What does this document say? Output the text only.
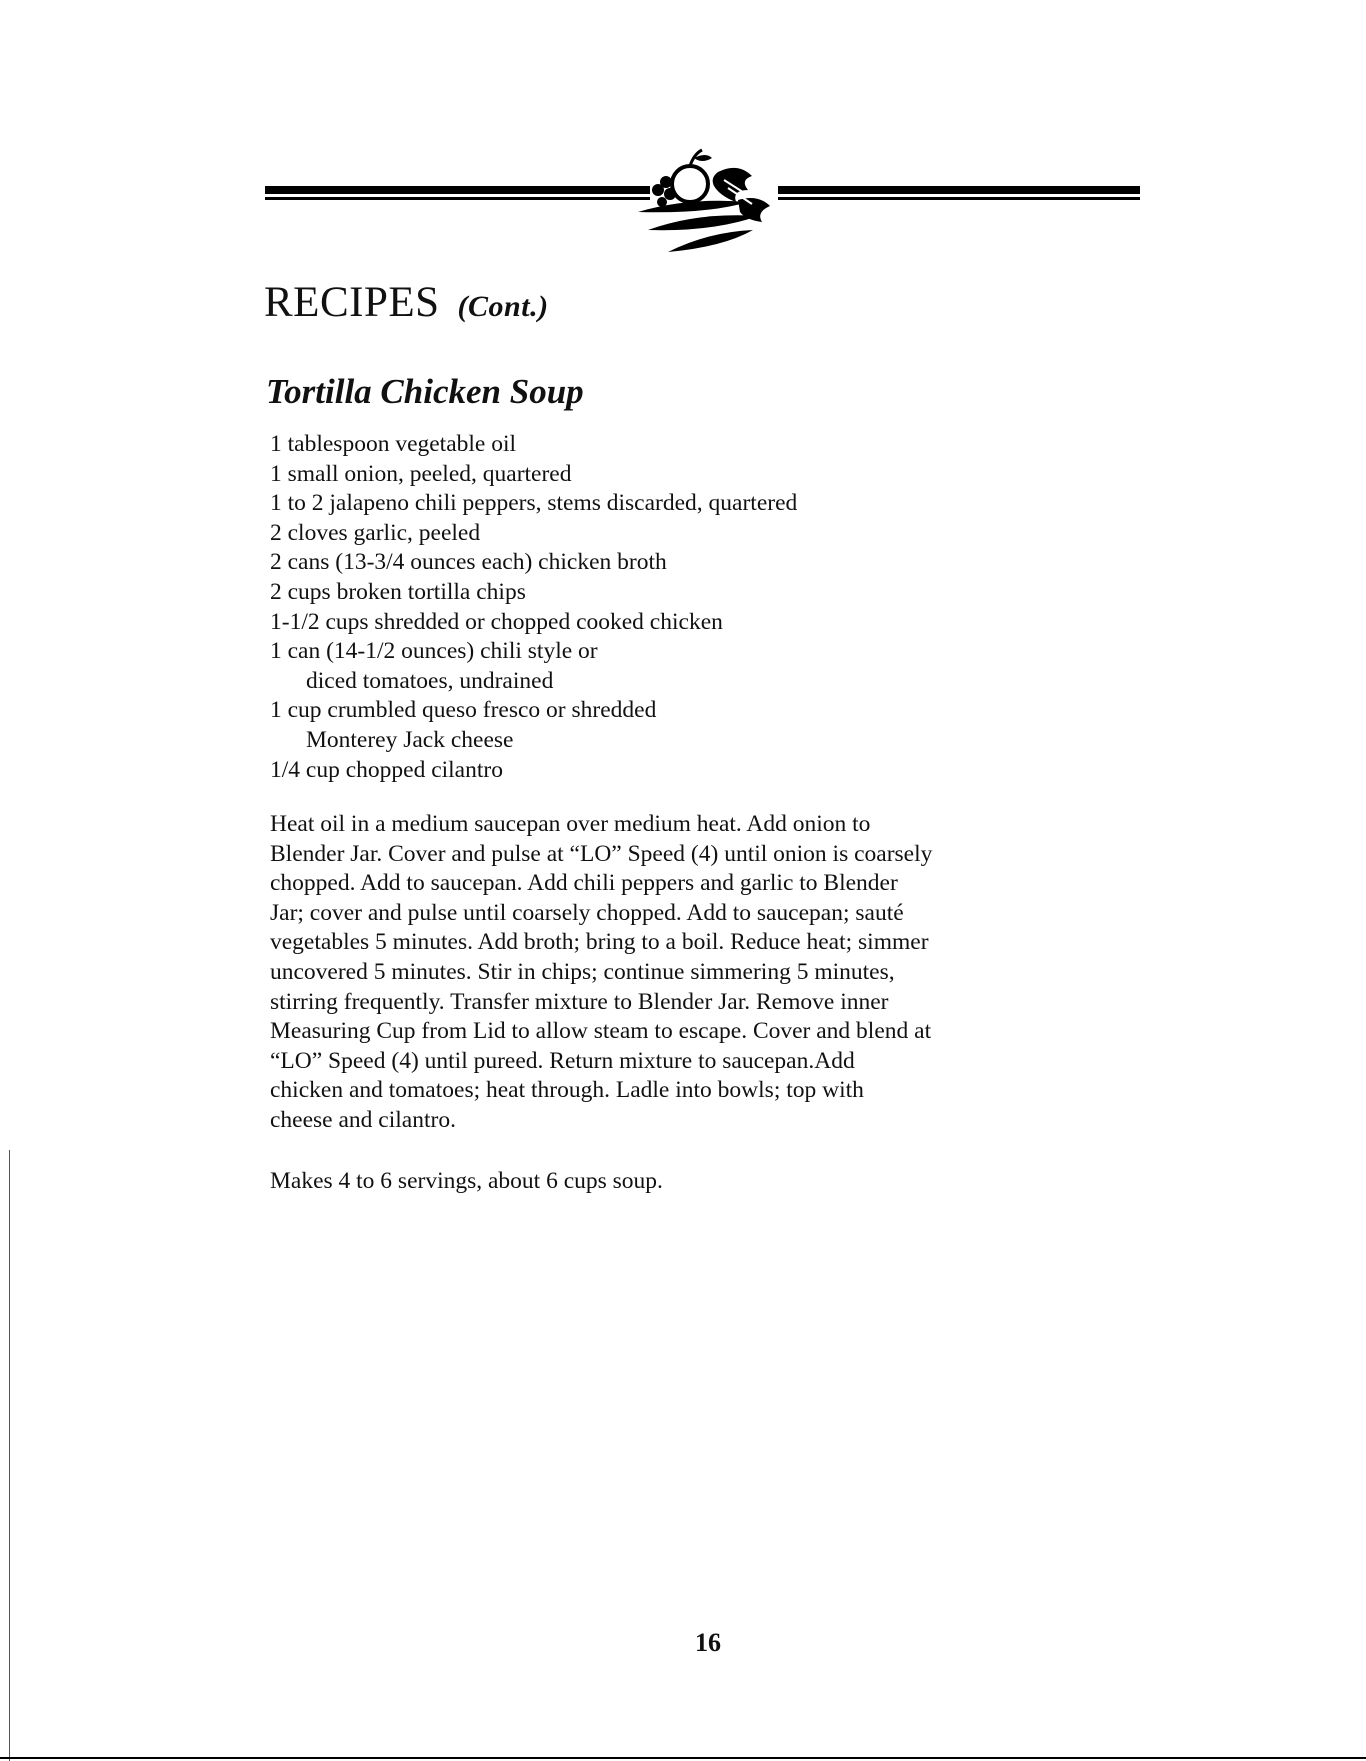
RECIPES (Cont.)
Tortilla Chicken Soup
1 tablespoon vegetable oil
1 small onion, peeled, quartered
1 to 2 jalapeno chili peppers, stems discarded, quartered
2 cloves garlic, peeled
2 cans (13-3/4 ounces each) chicken broth
2 cups broken tortilla chips
1-1/2 cups shredded or chopped cooked chicken
1 can (14-1/2 ounces) chili style or
diced tomatoes, undrained
1 cup crumbled queso fresco or shredded
Monterey Jack cheese
1/4 cup chopped cilantro

Heat oil in a medium saucepan over medium heat. Add onion to
Blender Jar. Cover and pulse at “LO” Speed (4) until onion is coarsely
chopped. Add to saucepan. Add chili peppers and garlic to Blender
Jar; cover and pulse until coarsely chopped. Add to saucepan; sauté
vegetables 5 minutes. Add broth; bring to a boil. Reduce heat; simmer
uncovered 5 minutes. Stir in chips; continue simmering 5 minutes,
stirring frequently. Transfer mixture to Blender Jar. Remove inner
Measuring Cup from Lid to allow steam to escape. Cover and blend at
“LO” Speed (4) until pureed. Return mixture to saucepan.Add
chicken and tomatoes; heat through. Ladle into bowls; top with
cheese and cilantro.

Makes 4 to 6 servings, about 6 cups soup.

16
